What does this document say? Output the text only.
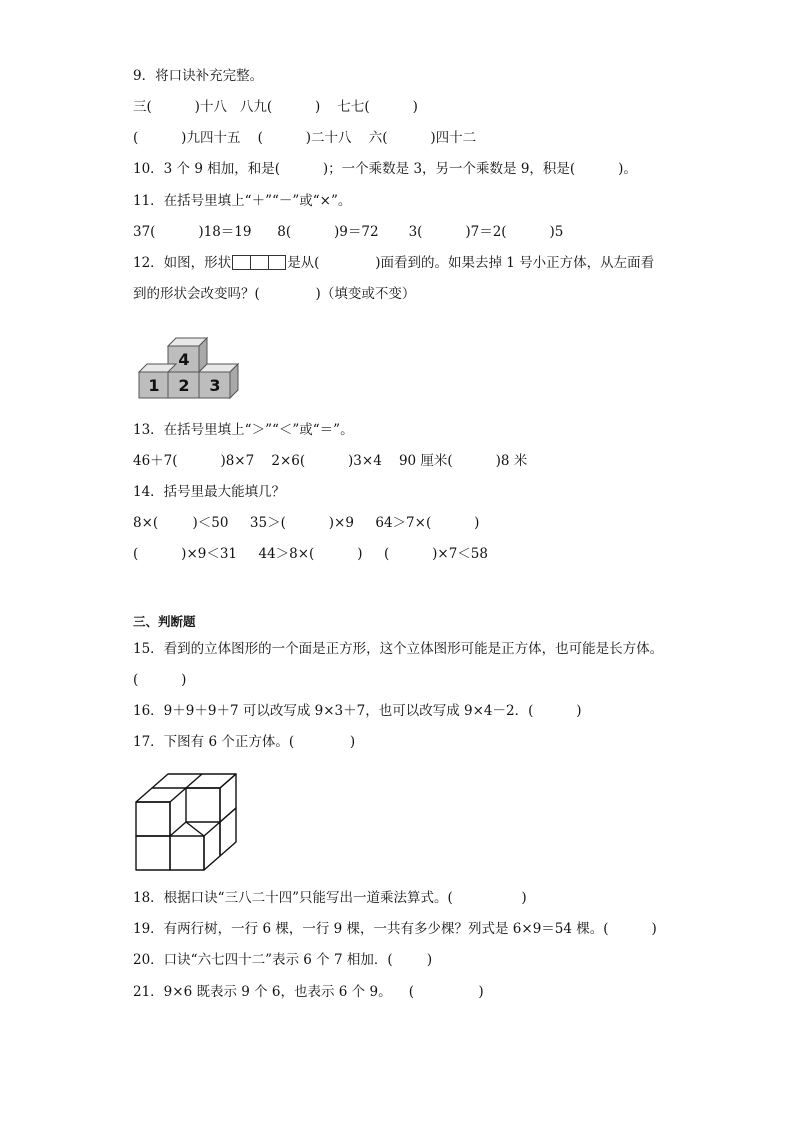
9．将口诀补充完整。
三(          )十八   八九(          )    七七(          )
(          )九四十五    (          )二十八    六(          )四十二
10．3 个 9 相加，和是(          )；一个乘数是 3，另一个乘数是 9，积是(          )。
11．在括号里填上“＋”“－”或“×”。
37(          )18＝19      8(          )9＝72       3(          )7＝2(          )5
12．如图，形状	是从(             )面看到的。如果去掉 1 号小正方体，从左面看
到的形状会改变吗？(             )（填变或不变）
1 2 3
4
13．在括号里填上“＞”“＜”或“＝”。
46＋7(          )8×7    2×6(          )3×4    90 厘米(          )8 米
14．括号里最大能填几？
8×(        )＜50     35＞(          )×9     64＞7×(          )
(          )×9＜31     44＞8×(          )     (          )×7＜58
三、判断题
15．看到的立体图形的一个面是正方形，这个立体图形可能是正方体，也可能是长方体。
(          )
16．9＋9＋9＋7 可以改写成 9×3＋7，也可以改写成 9×4－2．(          )
17．下图有 6 个正方体。(             )
18．根据口诀“三八二十四”只能写出一道乘法算式。(                )
19．有两行树，一行 6 棵，一行 9 棵，一共有多少棵？列式是 6×9＝54 棵。(          )
20．口诀“六七四十二”表示 6 个 7 相加．(        )
21．9×6 既表示 9 个 6，也表示 6 个 9。    (               )
